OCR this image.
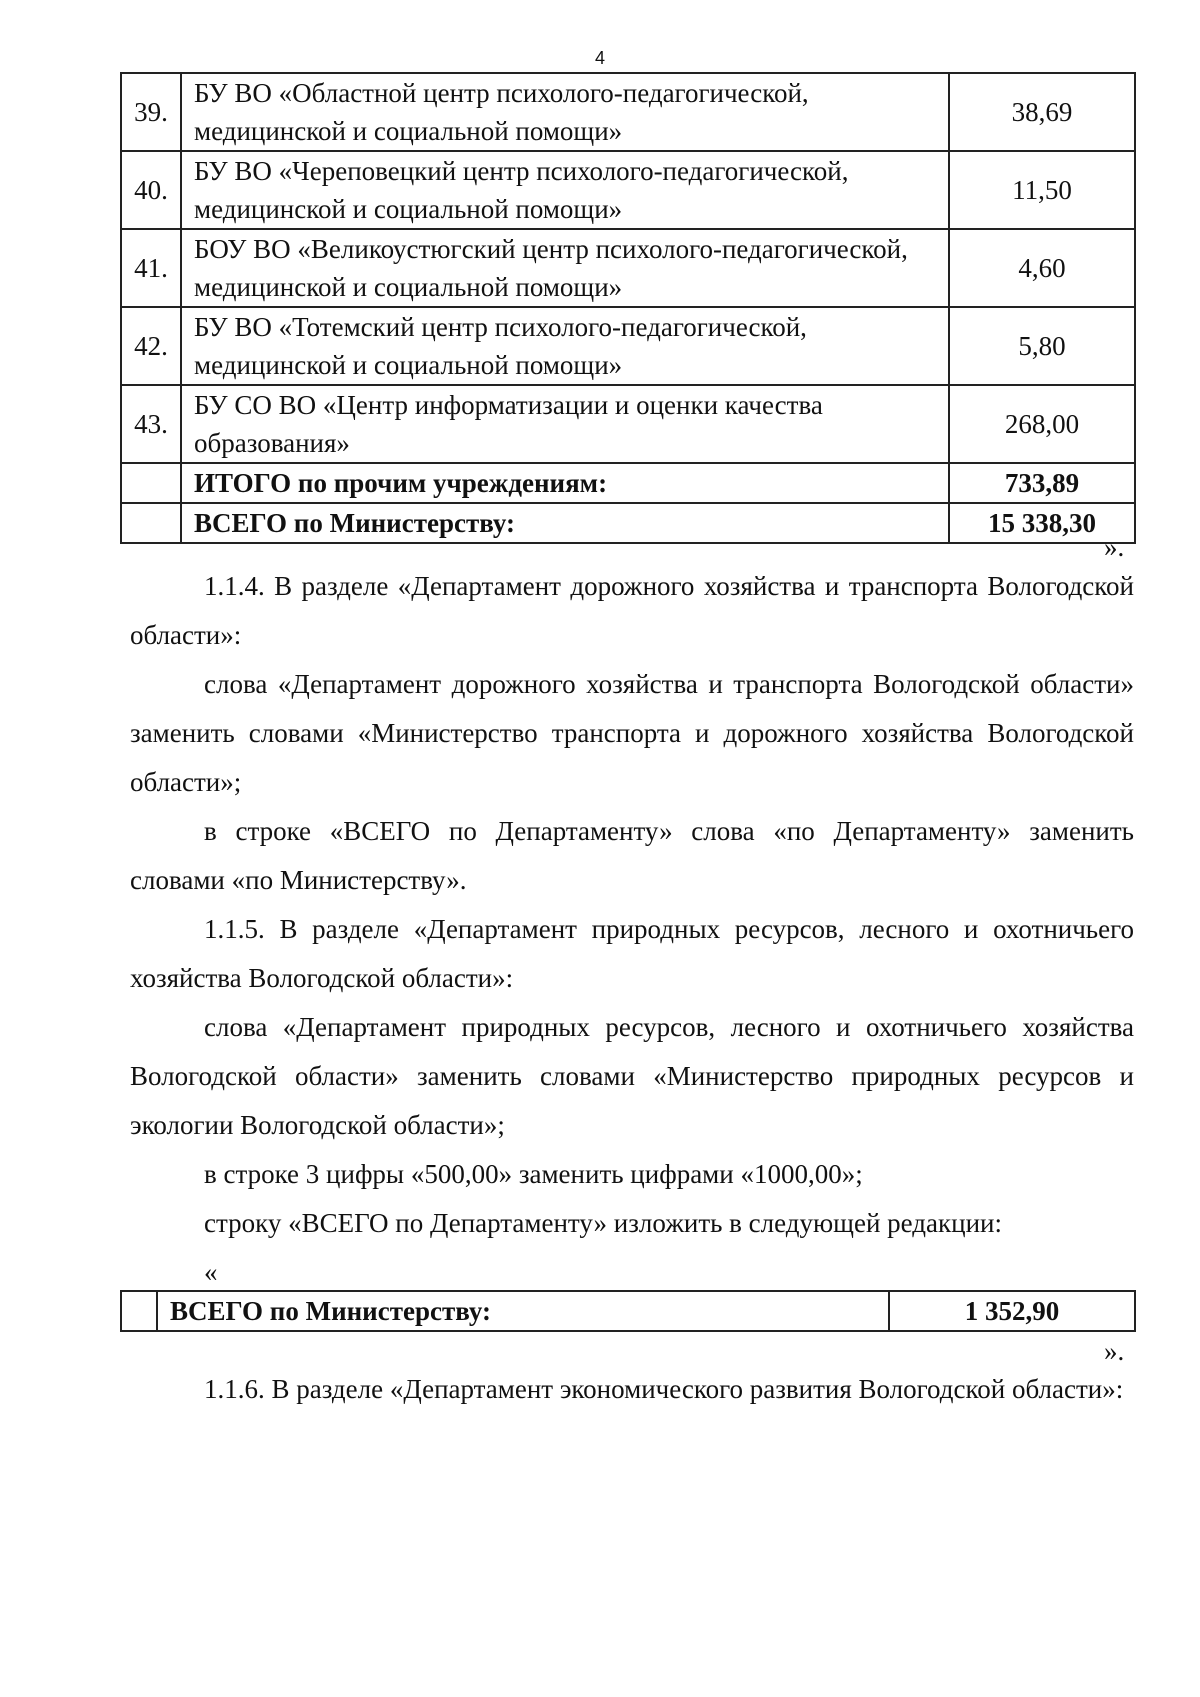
4
39.	БУ ВО «Областной центр психолого-педагогической, медицинской и социальной помощи»	38,69
40.	БУ ВО «Череповецкий центр психолого-педагогической, медицинской и социальной помощи»	11,50
41.	БОУ ВО «Великоустюгский центр психолого-педагогической, медицинской и социальной помощи»	4,60
42.	БУ ВО «Тотемский центр психолого-педагогической, медицинской и социальной помощи»	5,80
43.	БУ СО ВО «Центр информатизации и оценки качества образования»	268,00
	ИТОГО по прочим учреждениям:	733,89
	ВСЕГО по Министерству:	15 338,30
».

1.1.4. В разделе «Департамент дорожного хозяйства и транспорта Вологодской области»:

слова «Департамент дорожного хозяйства и транспорта Вологодской области» заменить словами «Министерство транспорта и дорожного хозяйства Вологодской области»;

в строке «ВСЕГО по Департаменту» слова «по Департаменту» заменить словами «по Министерству».

1.1.5. В разделе «Департамент природных ресурсов, лесного и охотничьего хозяйства Вологодской области»:

слова «Департамент природных ресурсов, лесного и охотничьего хозяйства Вологодской области» заменить словами «Министерство природных ресурсов и экологии Вологодской области»;

в строке 3 цифры «500,00» заменить цифрами «1000,00»;

строку «ВСЕГО по Департаменту» изложить в следующей редакции:

«

	ВСЕГО по Министерству:	1 352,90
».

1.1.6. В разделе «Департамент экономического развития Вологодской области»:
